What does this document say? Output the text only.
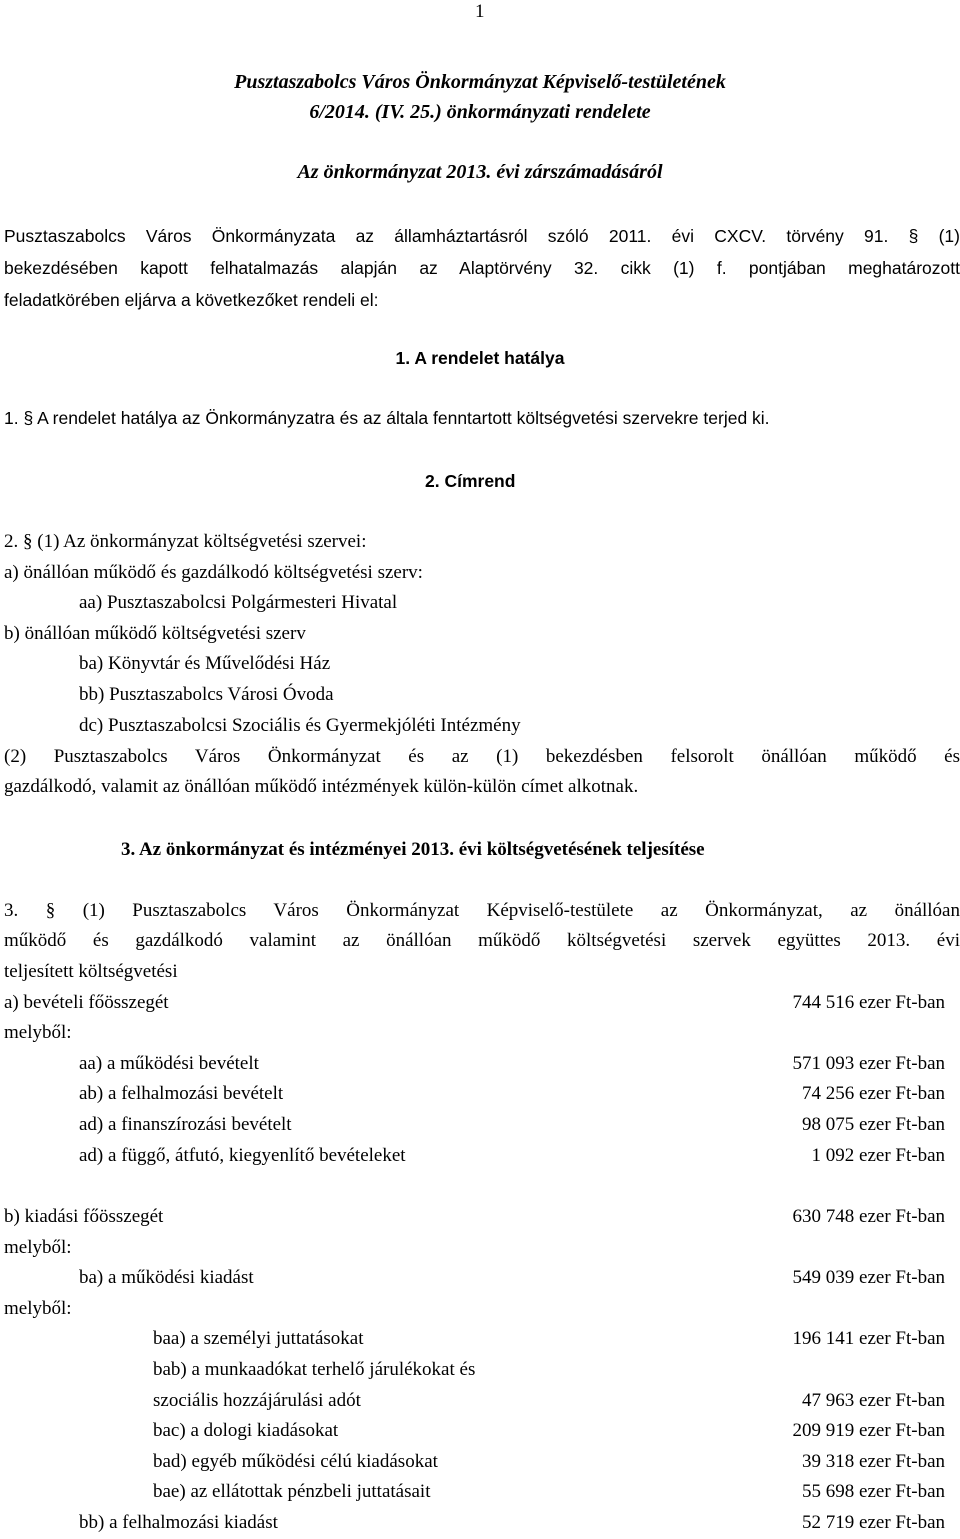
1
Pusztaszabolcs Város Önkormányzat Képviselő-testületének
6/2014. (IV. 25.) önkormányzati rendelete
Az önkormányzat 2013. évi zárszámadásáról
Pusztaszabolcs Város Önkormányzata az államháztartásról szóló 2011. évi CXCV. törvény 91. § (1)
bekezdésében kapott felhatalmazás alapján az Alaptörvény 32. cikk (1) f. pontjában meghatározott
feladatkörében eljárva a következőket rendeli el:
1. A rendelet hatálya
1. § A rendelet hatálya az Önkormányzatra és az általa fenntartott költségvetési szervekre terjed ki.
2. Címrend
2. § (1) Az önkormányzat költségvetési szervei:
a) önállóan működő és gazdálkodó költségvetési szerv:
aa) Pusztaszabolcsi Polgármesteri Hivatal
b) önállóan működő költségvetési szerv
ba) Könyvtár és Művelődési Ház
bb) Pusztaszabolcs Városi Óvoda
dc) Pusztaszabolcsi Szociális és Gyermekjóléti Intézmény
(2) Pusztaszabolcs Város Önkormányzat és az (1) bekezdésben felsorolt önállóan működő és
gazdálkodó, valamit az önállóan működő intézmények külön-külön címet alkotnak.
3. Az önkormányzat és intézményei 2013. évi költségvetésének teljesítése
3. § (1) Pusztaszabolcs Város Önkormányzat Képviselő-testülete az Önkormányzat, az önállóan
működő és gazdálkodó valamint az önállóan működő költségvetési szervek együttes 2013. évi
teljesített költségvetési
a) bevételi főösszegét	744 516 ezer Ft-ban
melyből:
aa) a működési bevételt	571 093 ezer Ft-ban
ab) a felhalmozási bevételt	74 256 ezer Ft-ban
ad) a finanszírozási bevételt	98 075 ezer Ft-ban
ad) a függő, átfutó, kiegyenlítő bevételeket	1 092 ezer Ft-ban
b) kiadási főösszegét	630 748 ezer Ft-ban
melyből:
ba) a működési kiadást	549 039 ezer Ft-ban
melyből:
baa) a személyi juttatásokat	196 141 ezer Ft-ban
bab) a munkaadókat terhelő járulékokat és
szociális hozzájárulási adót	47 963 ezer Ft-ban
bac) a dologi kiadásokat	209 919 ezer Ft-ban
bad) egyéb működési célú kiadásokat	39 318 ezer Ft-ban
bae) az ellátottak pénzbeli juttatásait	55 698 ezer Ft-ban
bb) a felhalmozási kiadást	52 719 ezer Ft-ban
